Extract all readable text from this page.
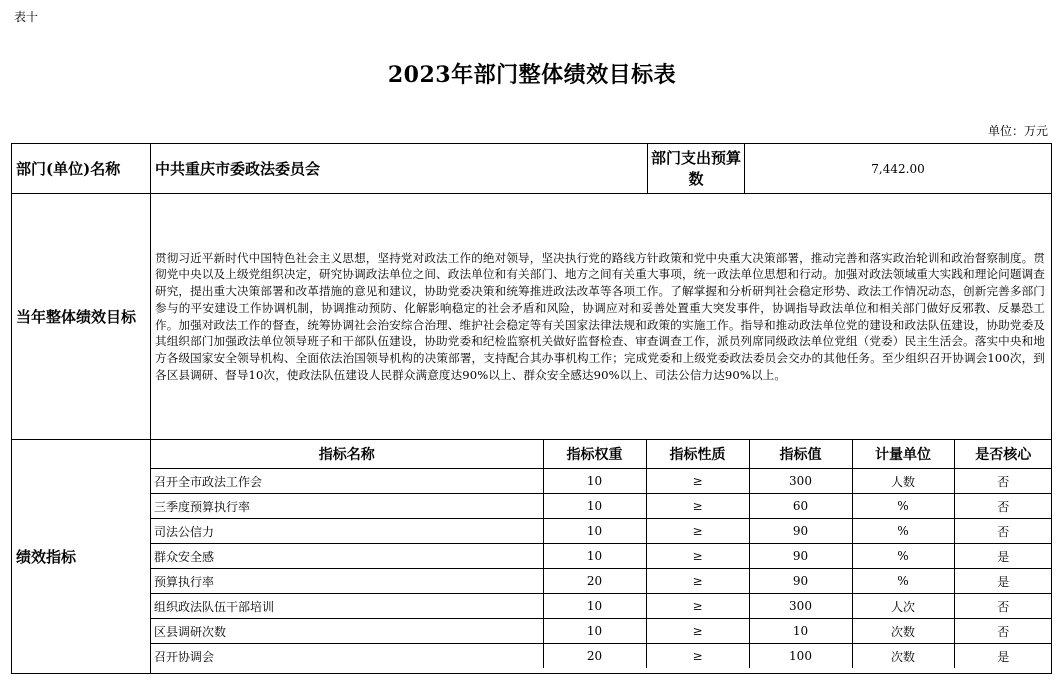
表十
2023年部门整体绩效目标表
单位：万元
部门(单位)名称	中共重庆市委政法委员会	部门支出预算数	7,442.00
当年整体绩效目标	贯彻习近平新时代中国特色社会主义思想，坚持党对政法工作的绝对领导，坚决执行党的路线方针政策和党中央重大决策部署，推动完善和落实政治轮训和政治督察制度。贯彻党中央以及上级党组织决定，研究协调政法单位之间、政法单位和有关部门、地方之间有关重大事项，统一政法单位思想和行动。加强对政法领域重大实践和理论问题调查研究，提出重大决策部署和改革措施的意见和建议，协助党委决策和统筹推进政法改革等各项工作。了解掌握和分析研判社会稳定形势、政法工作情况动态，创新完善多部门参与的平安建设工作协调机制，协调推动预防、化解影响稳定的社会矛盾和风险，协调应对和妥善处置重大突发事件，协调指导政法单位和相关部门做好反邪教、反暴恐工作。加强对政法工作的督查，统筹协调社会治安综合治理、维护社会稳定等有关国家法律法规和政策的实施工作。指导和推动政法单位党的建设和政法队伍建设，协助党委及其组织部门加强政法单位领导班子和干部队伍建设，协助党委和纪检监察机关做好监督检查、审查调查工作，派员列席同级政法单位党组（党委）民主生活会。落实中央和地方各级国家安全领导机构、全面依法治国领导机构的决策部署，支持配合其办事机构工作；完成党委和上级党委政法委员会交办的其他任务。至少组织召开协调会100次，到各区县调研、督导10次，使政法队伍建设人民群众满意度达90%以上、群众安全感达90%以上、司法公信力达90%以上。
绩效指标	
指标名称	指标权重	指标性质	指标值	计量单位	是否核心
召开全市政法工作会	10	≥	300	人数	否
三季度预算执行率	10	≥	60	%	否
司法公信力	10	≥	90	%	否
群众安全感	10	≥	90	%	是
预算执行率	20	≥	90	%	是
组织政法队伍干部培训	10	≥	300	人次	否
区县调研次数	10	≥	10	次数	否
召开协调会	20	≥	100	次数	是
